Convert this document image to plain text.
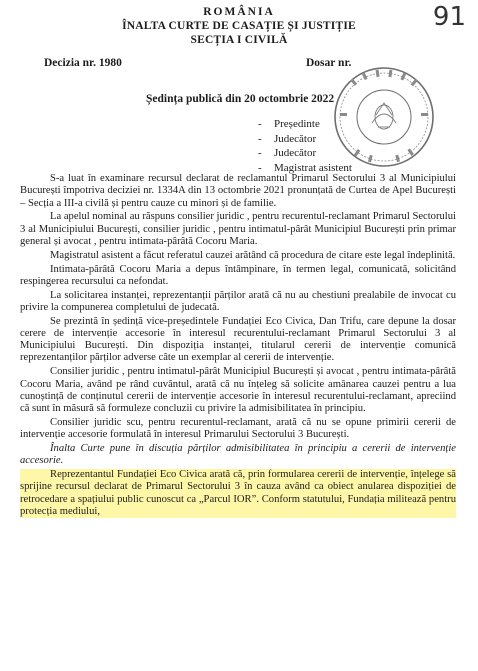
ROMÂNIA
ÎNALTA CURTE DE CASAȚIE ȘI JUSTIȚIE
SECȚIA I CIVILĂ
91
Decizia nr. 1980	Dosar nr.
Ședința publică din 20 octombrie 2022
-	Președinte
-	Judecător
-	Judecător
-	Magistrat asistent

S-a luat în examinare recursul declarat de reclamantul Primarul Sectorului 3 al Municipiului București împotriva deciziei nr. 1334A din 13 octombrie 2021 pronunțată de Curtea de Apel București – Secția a III-a civilă și pentru cauze cu minori și de familie.

La apelul nominal au răspuns consilier juridic , pentru recurentul-reclamant Primarul Sectorului 3 al Municipiului București, consilier juridic , pentru intimatul-pârât Municipiul București prin primar general și avocat , pentru intimata-pârâtă Cocoru Maria.

Magistratul asistent a făcut referatul cauzei arătând că procedura de citare este legal îndeplinită.

Intimata-pârâtă Cocoru Maria a depus întâmpinare, în termen legal, comunicată, solicitând respingerea recursului ca nefondat.

La solicitarea instanței, reprezentanții părților arată că nu au chestiuni prealabile de invocat cu privire la compunerea completului de judecată.

Se prezintă în ședință vice-președintele Fundației Eco Civica, Dan Trifu, care depune la dosar cerere de intervenție accesorie în interesul recurentului-reclamant Primarul Sectorului 3 al Municipiului București. Din dispoziția instanței, titularul cererii de intervenție comunică reprezentanților părților adverse câte un exemplar al cererii de intervenție.

Consilier juridic , pentru intimatul-pârât Municipiul București și avocat , pentru intimata-pârâtă Cocoru Maria, având pe rând cuvântul, arată că nu înțeleg să solicite amânarea cauzei pentru a lua cunoștință de conținutul cererii de intervenție accesorie în interesul recurentului-reclamant, apreciind că sunt în măsură să formuleze concluzii cu privire la admisibilitatea în principiu.

Consilier juridic scu, pentru recurentul-reclamant, arată că nu se opune primirii cererii de intervenție accesorie formulată în interesul Primarului Sectorului 3 București.

Înalta Curte pune în discuția părților admisibilitatea în principiu a cererii de intervenție accesorie.

Reprezentantul Fundației Eco Civica arată că, prin formularea cererii de intervenție, înțelege să sprijine recursul declarat de Primarul Sectorului 3 în cauza având ca obiect anularea dispoziției de retrocedare a spațiului public cunoscut ca „Parcul IOR”. Conform statutului, Fundația militează pentru protecția mediului,
